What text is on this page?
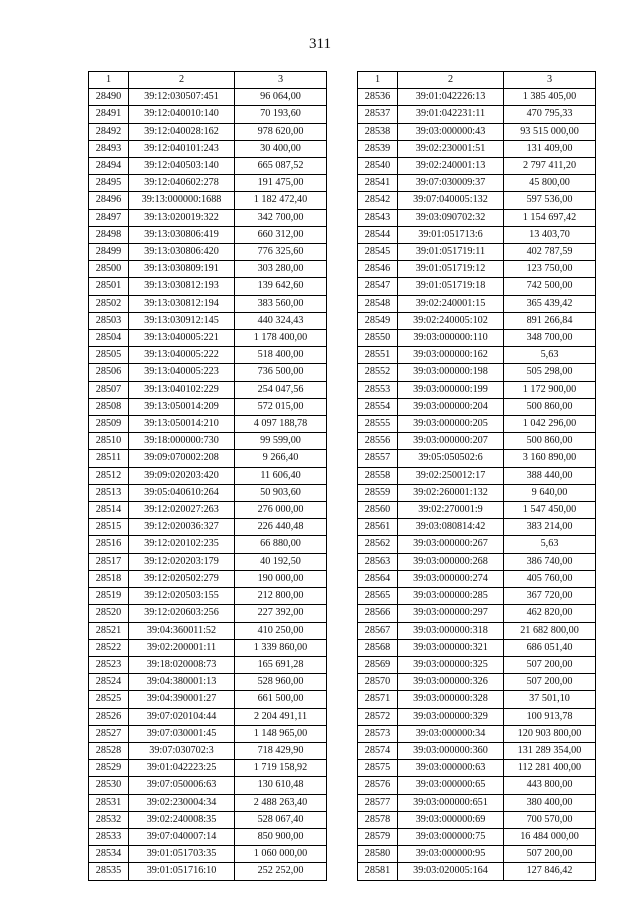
311
1	2	3
28490	39:12:030507:451	96 064,00
28491	39:12:040010:140	70 193,60
28492	39:12:040028:162	978 620,00
28493	39:12:040101:243	30 400,00
28494	39:12:040503:140	665 087,52
28495	39:12:040602:278	191 475,00
28496	39:13:000000:1688	1 182 472,40
28497	39:13:020019:322	342 700,00
28498	39:13:030806:419	660 312,00
28499	39:13:030806:420	776 325,60
28500	39:13:030809:191	303 280,00
28501	39:13:030812:193	139 642,60
28502	39:13:030812:194	383 560,00
28503	39:13:030912:145	440 324,43
28504	39:13:040005:221	1 178 400,00
28505	39:13:040005:222	518 400,00
28506	39:13:040005:223	736 500,00
28507	39:13:040102:229	254 047,56
28508	39:13:050014:209	572 015,00
28509	39:13:050014:210	4 097 188,78
28510	39:18:000000:730	99 599,00
28511	39:09:070002:208	9 266,40
28512	39:09:020203:420	11 606,40
28513	39:05:040610:264	50 903,60
28514	39:12:020027:263	276 000,00
28515	39:12:020036:327	226 440,48
28516	39:12:020102:235	66 880,00
28517	39:12:020203:179	40 192,50
28518	39:12:020502:279	190 000,00
28519	39:12:020503:155	212 800,00
28520	39:12:020603:256	227 392,00
28521	39:04:360011:52	410 250,00
28522	39:02:200001:11	1 339 860,00
28523	39:18:020008:73	165 691,28
28524	39:04:380001:13	528 960,00
28525	39:04:390001:27	661 500,00
28526	39:07:020104:44	2 204 491,11
28527	39:07:030001:45	1 148 965,00
28528	39:07:030702:3	718 429,90
28529	39:01:042223:25	1 719 158,92
28530	39:07:050006:63	130 610,48
28531	39:02:230004:34	2 488 263,40
28532	39:02:240008:35	528 067,40
28533	39:07:040007:14	850 900,00
28534	39:01:051703:35	1 060 000,00
28535	39:01:051716:10	252 252,00
1	2	3
28536	39:01:042226:13	1 385 405,00
28537	39:01:042231:11	470 795,33
28538	39:03:000000:43	93 515 000,00
28539	39:02:230001:51	131 409,00
28540	39:02:240001:13	2 797 411,20
28541	39:07:030009:37	45 800,00
28542	39:07:040005:132	597 536,00
28543	39:03:090702:32	1 154 697,42
28544	39:01:051713:6	13 403,70
28545	39:01:051719:11	402 787,59
28546	39:01:051719:12	123 750,00
28547	39:01:051719:18	742 500,00
28548	39:02:240001:15	365 439,42
28549	39:02:240005:102	891 266,84
28550	39:03:000000:110	348 700,00
28551	39:03:000000:162	5,63
28552	39:03:000000:198	505 298,00
28553	39:03:000000:199	1 172 900,00
28554	39:03:000000:204	500 860,00
28555	39:03:000000:205	1 042 296,00
28556	39:03:000000:207	500 860,00
28557	39:05:050502:6	3 160 890,00
28558	39:02:250012:17	388 440,00
28559	39:02:260001:132	9 640,00
28560	39:02:270001:9	1 547 450,00
28561	39:03:080814:42	383 214,00
28562	39:03:000000:267	5,63
28563	39:03:000000:268	386 740,00
28564	39:03:000000:274	405 760,00
28565	39:03:000000:285	367 720,00
28566	39:03:000000:297	462 820,00
28567	39:03:000000:318	21 682 800,00
28568	39:03:000000:321	686 051,40
28569	39:03:000000:325	507 200,00
28570	39:03:000000:326	507 200,00
28571	39:03:000000:328	37 501,10
28572	39:03:000000:329	100 913,78
28573	39:03:000000:34	120 903 800,00
28574	39:03:000000:360	131 289 354,00
28575	39:03:000000:63	112 281 400,00
28576	39:03:000000:65	443 800,00
28577	39:03:000000:651	380 400,00
28578	39:03:000000:69	700 570,00
28579	39:03:000000:75	16 484 000,00
28580	39:03:000000:95	507 200,00
28581	39:03:020005:164	127 846,42
